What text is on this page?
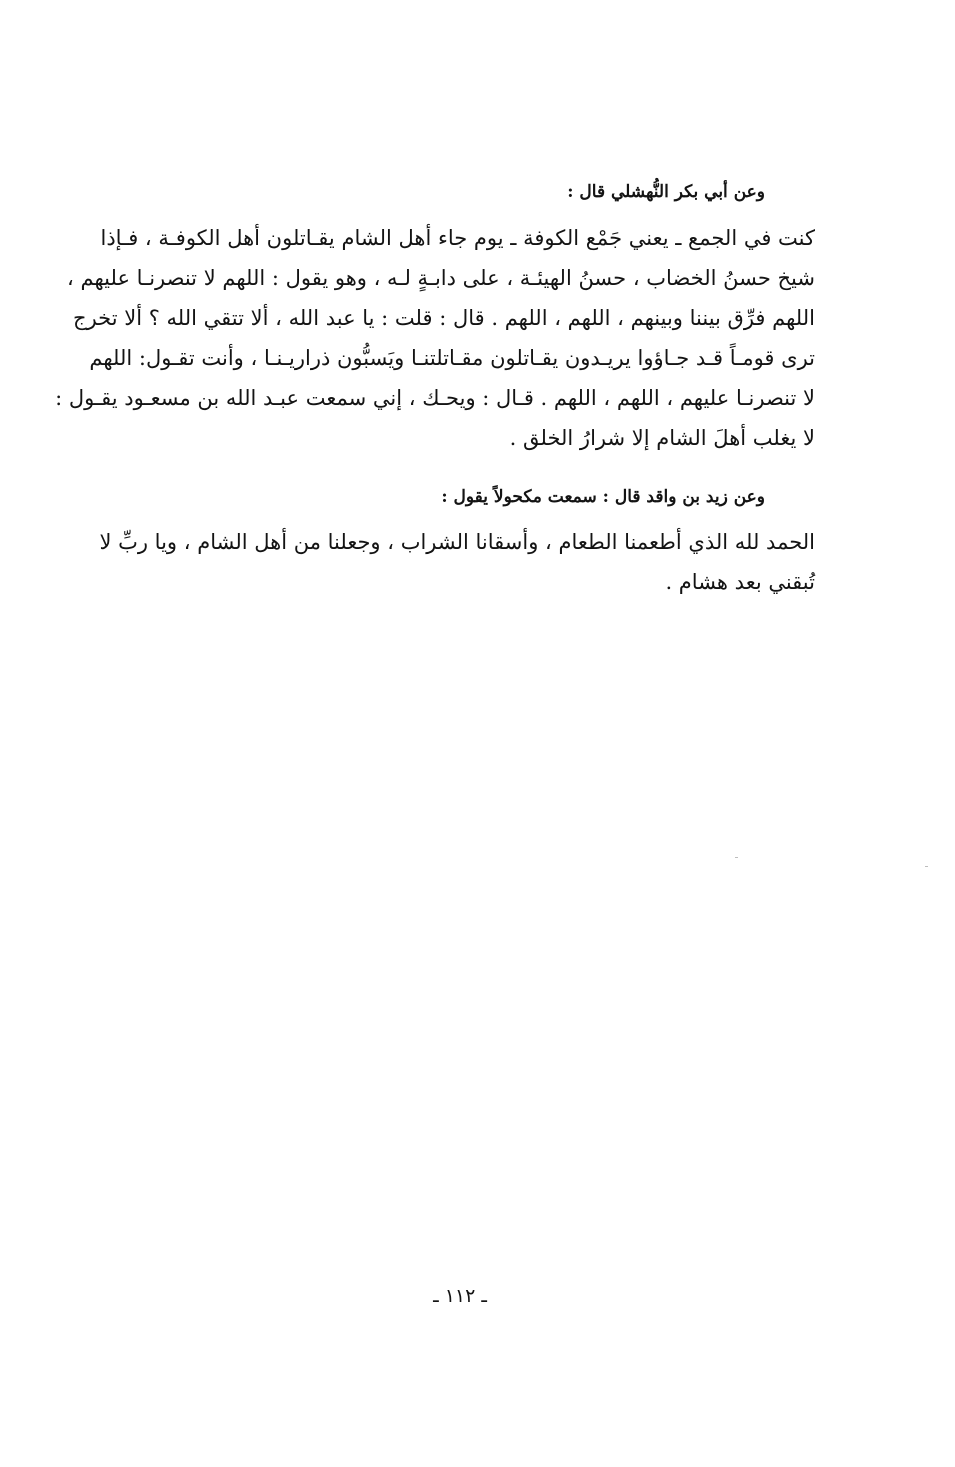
وعن أبي بكر النُّهشلي قال :
كنت في الجمع ـ يعني جَمْع الكوفة ـ يوم جاء أهل الشام يقـاتلون أهل الكوفـة ، فـإذا
شيخ حسنُ الخضاب ، حسنُ الهيئـة ، على دابـةٍ لـه ، وهو يقول : اللهم لا تنصرنـا عليهم ،
اللهم فرِّق بيننا وبينهم ، اللهم ، اللهم . قال : قلت : يا عبد الله ، ألا تتقي الله ؟ ألا تخرج
ترى قومـاً قـد جـاؤوا يريـدون يقـاتلون مقـاتلتنـا ويَسبُّون ذراريـنـا ، وأنت تقـول: اللهم
لا تنصرنـا عليهم ، اللهم ، اللهم . قـال : ويحـك ، إني سمعت عبـد الله بن مسعـود يقـول :
لا يغلب أهلَ الشام إلا شرارُ الخلق .
وعن زيد بن واقد قال : سمعت مكحولاً يقول :
الحمد لله الذي أطعمنا الطعام ، وأسقانا الشراب ، وجعلنا من أهل الشام ، ويا ربِّ لا
تُبقني بعد هشام .
ـ ١١٢ ـ
